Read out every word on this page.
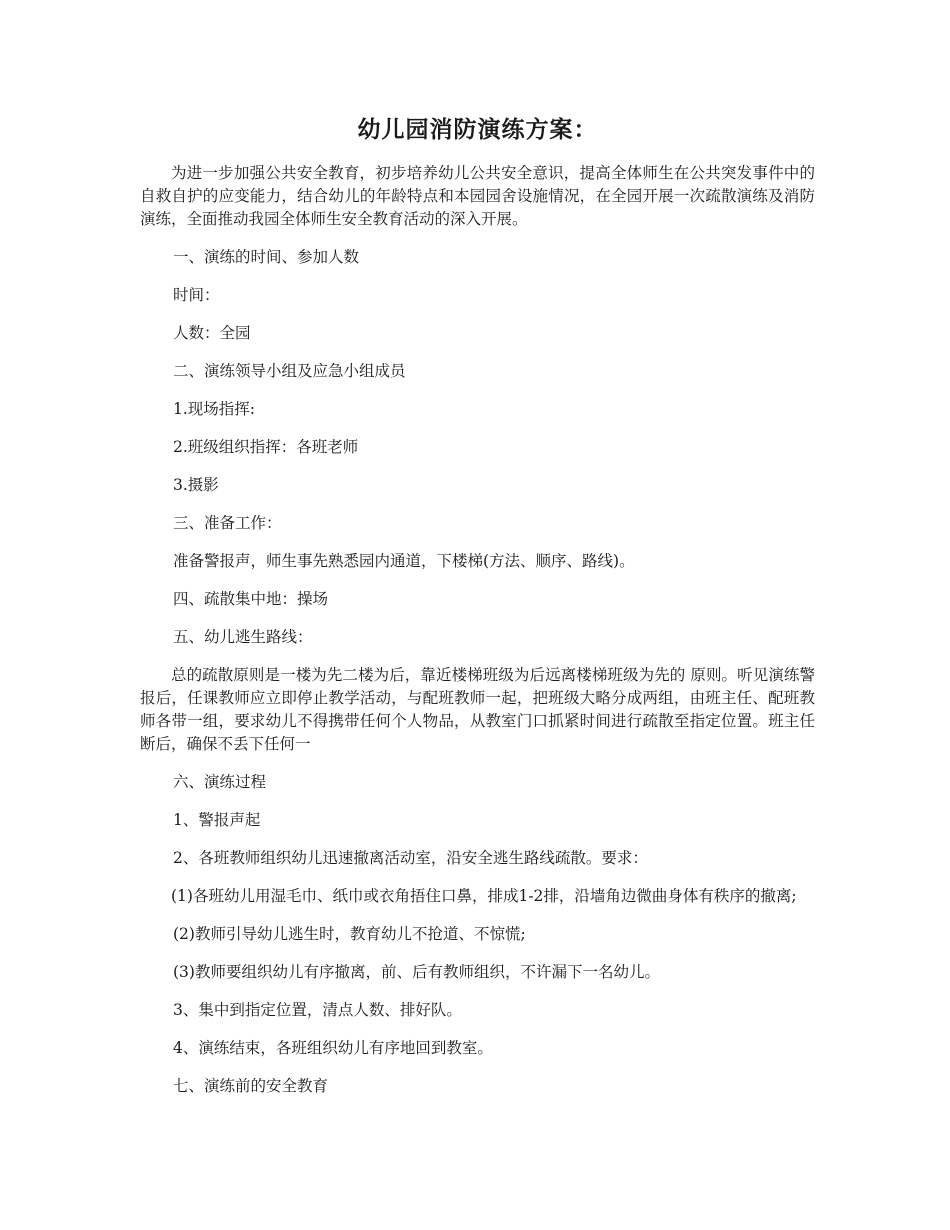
幼儿园消防演练方案：

为进一步加强公共安全教育，初步培养幼儿公共安全意识，提高全体师生在公共突发事件中的自救自护的应变能力，结合幼儿的年龄特点和本园园舍设施情况，在全园开展一次疏散演练及消防演练，全面推动我园全体师生安全教育活动的深入开展。

一、演练的时间、参加人数

时间：

人数：全园

二、演练领导小组及应急小组成员

1.现场指挥:

2.班级组织指挥：各班老师

3.摄影

三、准备工作：

准备警报声，师生事先熟悉园内通道，下楼梯(方法、顺序、路线)。

四、疏散集中地：操场

五、幼儿逃生路线：

总的疏散原则是一楼为先二楼为后，靠近楼梯班级为后远离楼梯班级为先的 原则。听见演练警报后，任课教师应立即停止教学活动，与配班教师一起，把班级大略分成两组，由班主任、配班教师各带一组，要求幼儿不得携带任何个人物品，从教室门口抓紧时间进行疏散至指定位置。班主任断后，确保不丢下任何一

六、演练过程

1、警报声起

2、各班教师组织幼儿迅速撤离活动室，沿安全逃生路线疏散。要求：

(1)各班幼儿用湿毛巾、纸巾或衣角捂住口鼻，排成1-2排，沿墙角边微曲身体有秩序的撤离;

(2)教师引导幼儿逃生时，教育幼儿不抢道、不惊慌;

(3)教师要组织幼儿有序撤离，前、后有教师组织，不许漏下一名幼儿。

3、集中到指定位置，清点人数、排好队。

4、演练结束，各班组织幼儿有序地回到教室。

七、演练前的安全教育
